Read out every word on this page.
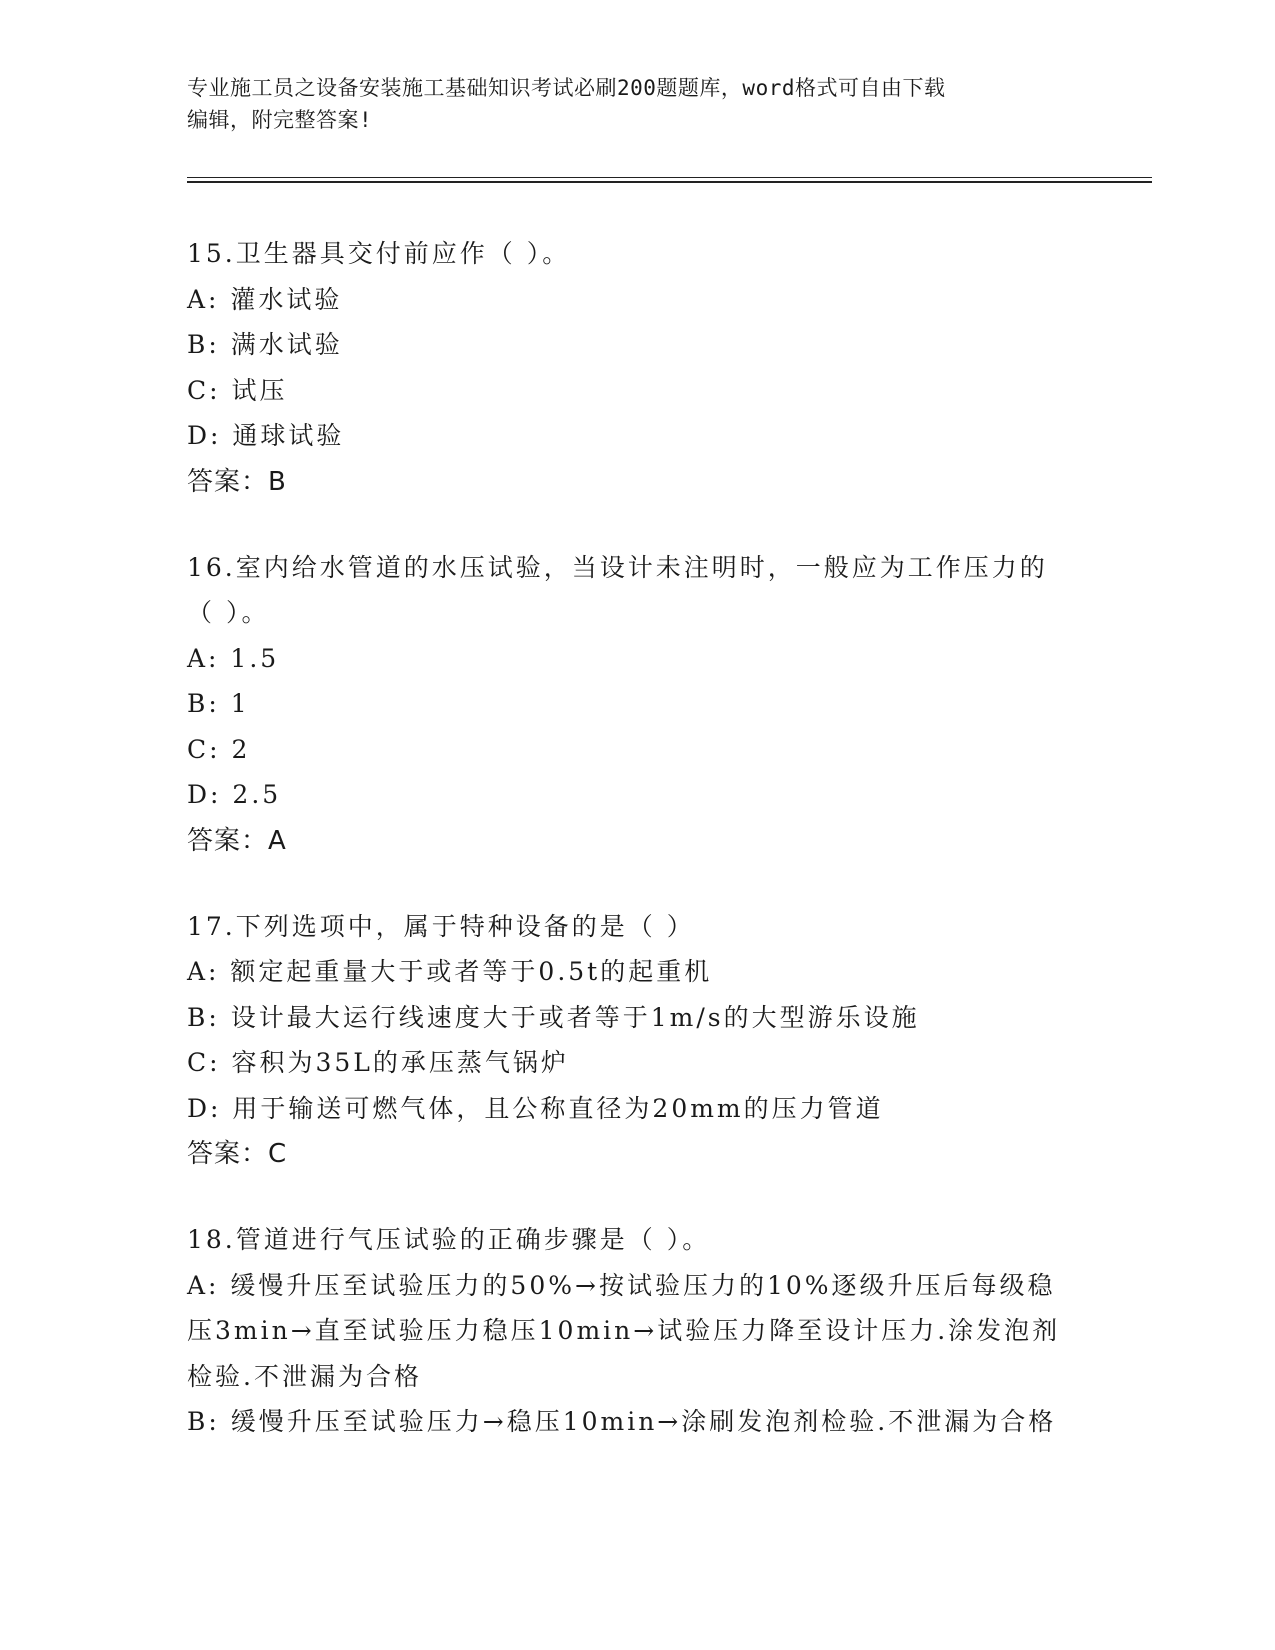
专业施工员之设备安装施工基础知识考试必刷200题题库，word格式可自由下载
编辑，附完整答案!
15.卫生器具交付前应作（ ）。
A: 灌水试验
B: 满水试验
C: 试压
D: 通球试验
答案：B
16.室内给水管道的水压试验，当设计未注明时，一般应为工作压力的
（ ）。
A: 1.5
B: 1
C: 2
D: 2.5
答案：A
17.下列选项中，属于特种设备的是（ ）
A: 额定起重量大于或者等于0.5t的起重机
B: 设计最大运行线速度大于或者等于1m/s的大型游乐设施
C: 容积为35L的承压蒸气锅炉
D: 用于输送可燃气体，且公称直径为20mm的压力管道
答案：C
18.管道进行气压试验的正确步骤是（ ）。
A: 缓慢升压至试验压力的50%→按试验压力的10%逐级升压后每级稳
压3min→直至试验压力稳压10min→试验压力降至设计压力.涂发泡剂
检验.不泄漏为合格
B: 缓慢升压至试验压力→稳压10min→涂刷发泡剂检验.不泄漏为合格
